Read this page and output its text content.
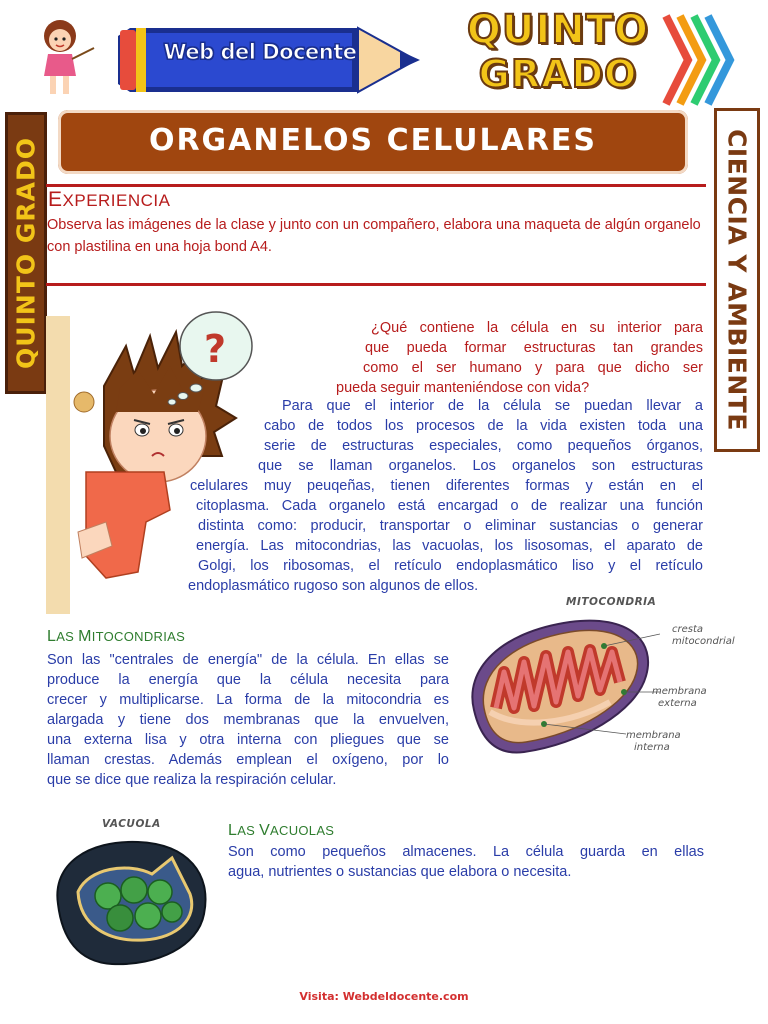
Web del Docente	QUINTO
GRADO
QUINTO GRADO	CIENCIA Y AMBIENTE
ORGANELOS CELULARES
EXPERIENCIA
Observa las imágenes de la clase y junto con un compañero, elabora una maqueta de algún organelo con plastilina en una hoja bond A4.
?	¿Qué contiene la célula en su interior para
que pueda formar estructuras tan grandes
como el ser humano y para que dicho ser
pueda seguir manteniéndose con vida?
Para que el interior de la célula se puedan llevar a
cabo de todos los procesos de la vida existen toda una
serie de estructuras especiales, como pequeños órganos,
que se llaman organelos. Los organelos son estructuras
celulares muy peuqeñas, tienen diferentes formas y están en el
citoplasma. Cada organelo está encargad o de realizar una función
distinta como: producir, transportar o eliminar sustancias o generar
energía. Las mitocondrias, las vacuolas, los lisosomas, el aparato de
Golgi, los ribosomas, el retículo endoplasmático liso y el retículo
endoplasmático rugoso son algunos de ellos.
LAS MITOCONDRIAS
Son las "centrales de energía" de la célula. En ellas se
produce la energía que la célula necesita para
crecer y multiplicarse. La forma de la mitocondria es
alargada y tiene dos membranas que la envuelven,
una externa lisa y otra interna con pliegues que se
llaman crestas. Además emplean el oxígeno, por lo
que se dice que realiza la respiración celular.
MITOCONDRIA
cresta
mitocondrial
membrana
externa
membrana
interna
VACUOLA	LAS VACUOLAS
Son como pequeños almacenes. La célula guarda en ellas
agua, nutrientes o sustancias que elabora o necesita.
Visita: Webdeldocente.com
